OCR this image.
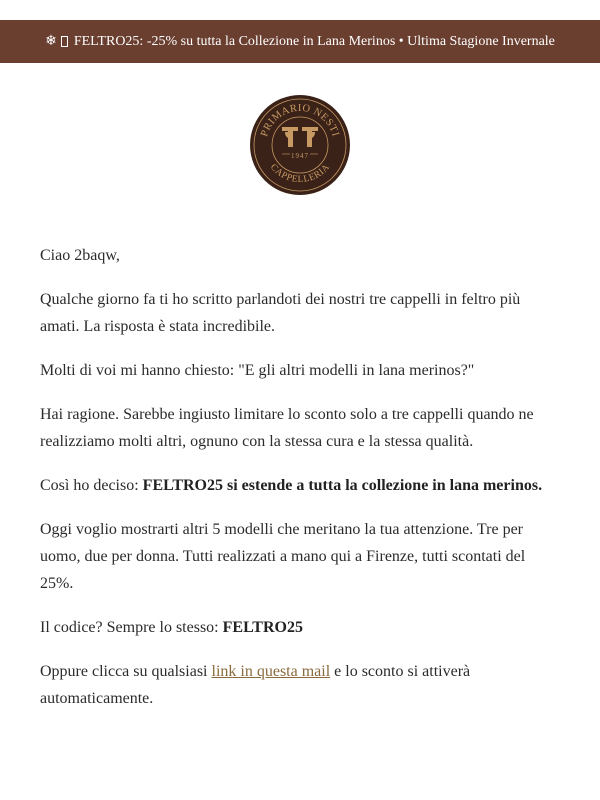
❄ FELTRO25: -25% su tutta la Collezione in Lana Merinos • Ultima Stagione Invernale
PRIMARIO NESTI
CAPPELLERIA
1947

Ciao 2baqw,

Qualche giorno fa ti ho scritto parlandoti dei nostri tre cappelli in feltro più amati. La risposta è stata incredibile.

Molti di voi mi hanno chiesto: "E gli altri modelli in lana merinos?"

Hai ragione. Sarebbe ingiusto limitare lo sconto solo a tre cappelli quando ne realizziamo molti altri, ognuno con la stessa cura e la stessa qualità.

Così ho deciso: FELTRO25 si estende a tutta la collezione in lana merinos.

Oggi voglio mostrarti altri 5 modelli che meritano la tua attenzione. Tre per uomo, due per donna. Tutti realizzati a mano qui a Firenze, tutti scontati del 25%.

Il codice? Sempre lo stesso: FELTRO25

Oppure clicca su qualsiasi link in questa mail e lo sconto si attiverà automaticamente.
